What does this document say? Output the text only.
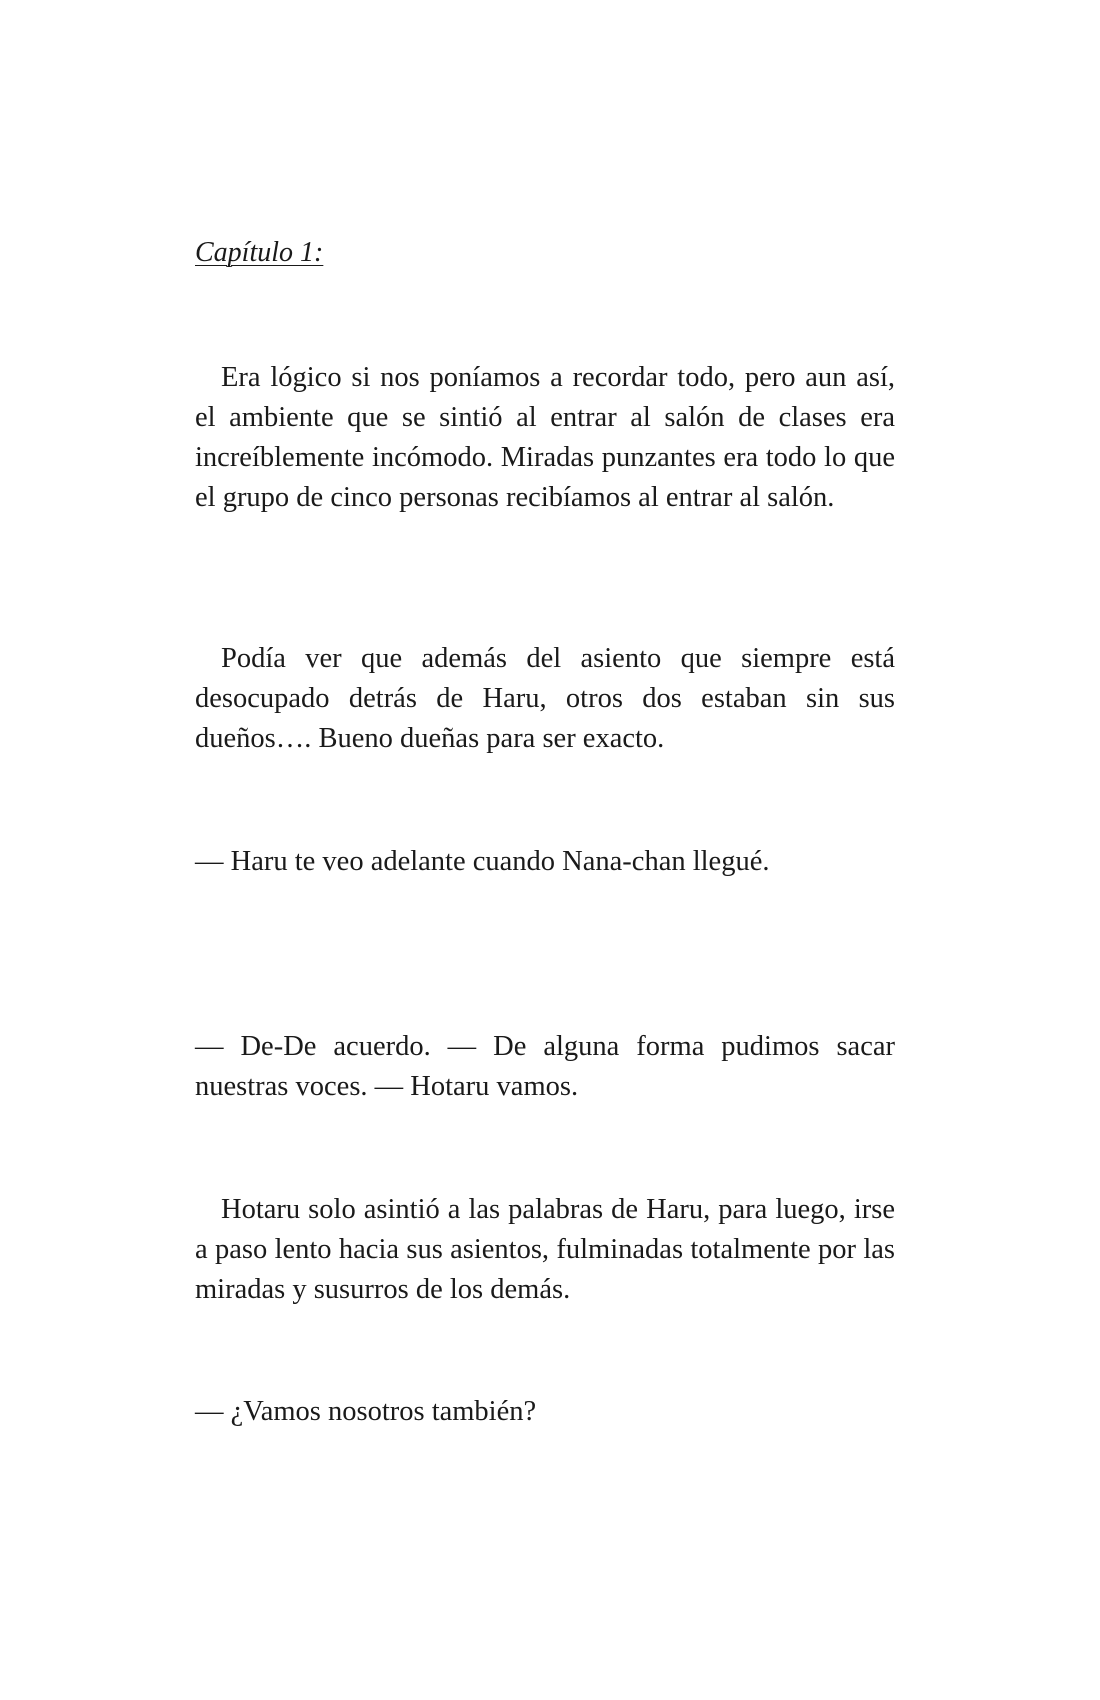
Capítulo 1:

Era lógico si nos poníamos a recordar todo, pero aun así, el ambiente que se sintió al entrar al salón de clases era increíblemente incómodo. Miradas punzantes era todo lo que el grupo de cinco personas recibíamos al entrar al salón.

Podía ver que además del asiento que siempre está desocupado detrás de Haru, otros dos estaban sin sus dueños…. Bueno dueñas para ser exacto.

— Haru te veo adelante cuando Nana-chan llegué.

— De-De acuerdo. — De alguna forma pudimos sacar nuestras voces. — Hotaru vamos.

Hotaru solo asintió a las palabras de Haru, para luego, irse a paso lento hacia sus asientos, fulminadas totalmente por las miradas y susurros de los demás.

— ¿Vamos nosotros también?
